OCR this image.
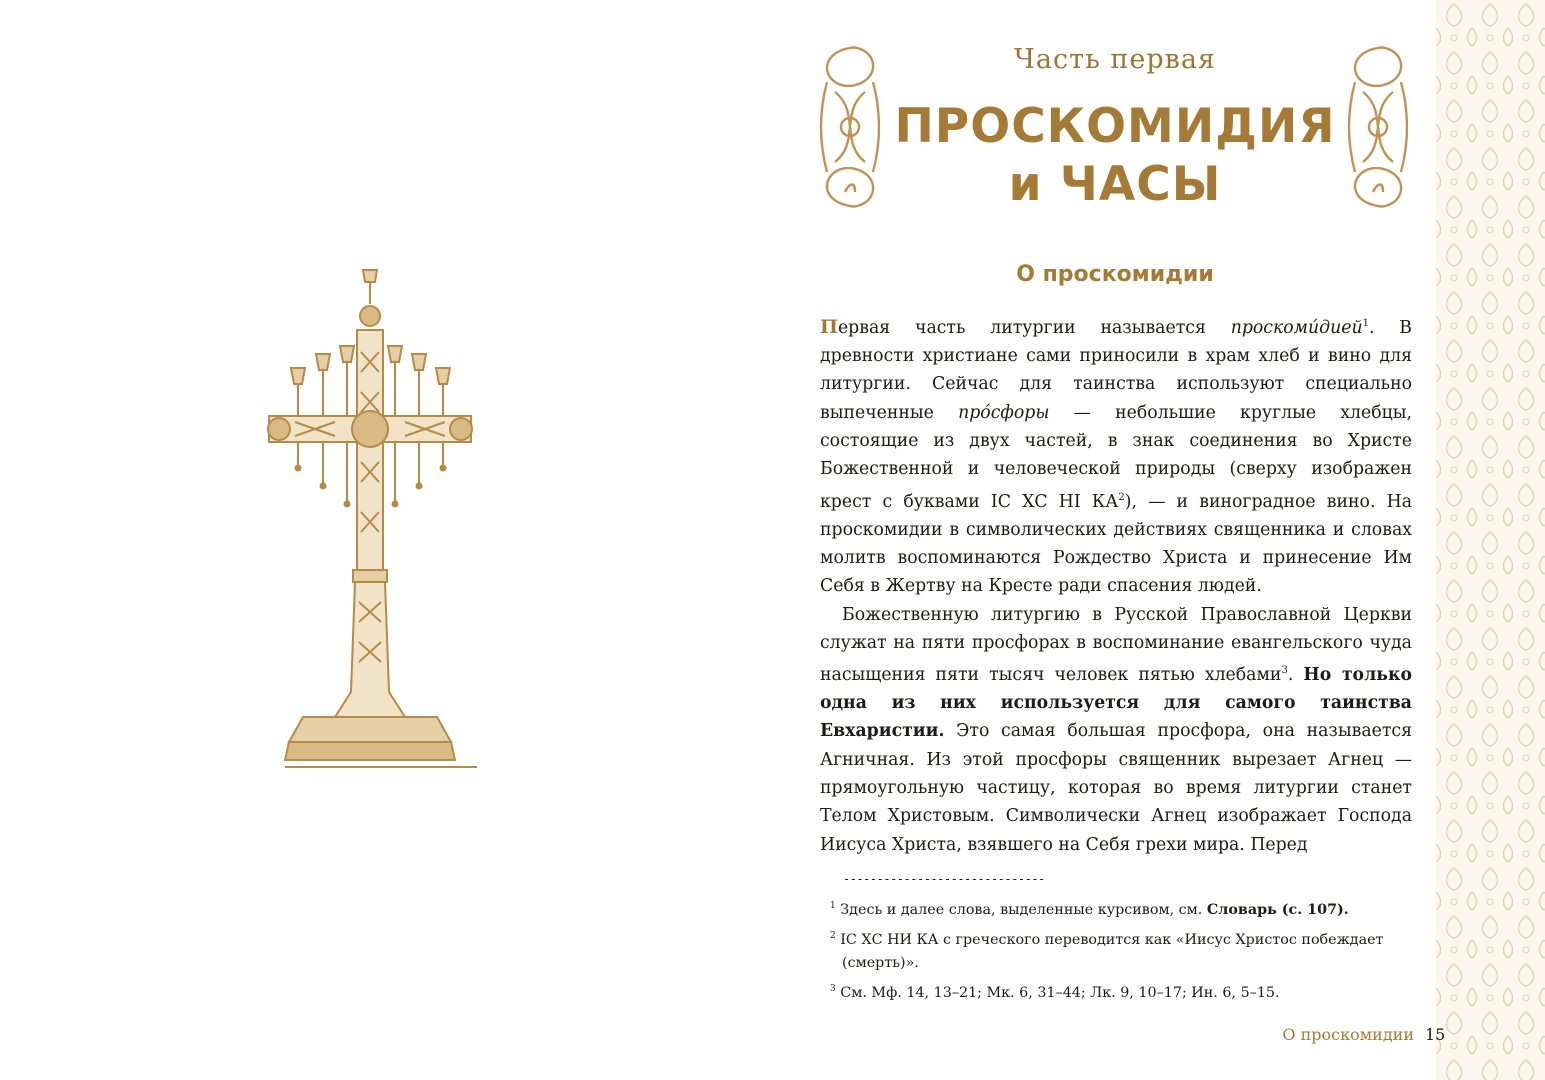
Часть первая
ПРОСКОМИДИЯ
и ЧАСЫ
О проскомидии

Первая часть литургии называется проскоми́дией$^1$. В древности христиане сами приносили в храм хлеб и вино для литургии. Сейчас для таинства используют специально выпеченные про́сфоры — небольшие круглые хлебцы, состоящие из двух частей, в знак соединения во Христе Божественной и человеческой природы (сверху изображен крест с буквами IС ХС НІ $КА^2$), — и виноградное вино. На проскомидии в символических действиях священника и словах молитв воспоминаются Рождество Христа и принесение Им Себя в Жертву на Кресте ради спасения людей.

Божественную литургию в Русской Православной Церкви служат на пяти просфорах в воспоминание евангельского чуда насыщения пяти тысяч человек пятью хлебами$^3$. Но только одна из них используется для самого таинства Евхаристии. Это самая большая просфора, она называется Агничная. Из этой просфоры священник вырезает Агнец — прямоугольную частицу, которая во время литургии станет Телом Христовым. Символически Агнец изображает Господа Иисуса Христа, взявшего на Себя грехи мира. Перед

------------------------------

$^1$ Здесь и далее слова, выделенные курсивом, см. Словарь (с. 107).

$^2$ IС ХС НИ КА с греческого переводится как «Иисус Христос побеждает (смерть)».

$^3$ См. Мф. 14, 13–21; Мк. 6, 31–44; Лк. 9, 10–17; Ин. 6, 5–15.

О проскомидии 15
